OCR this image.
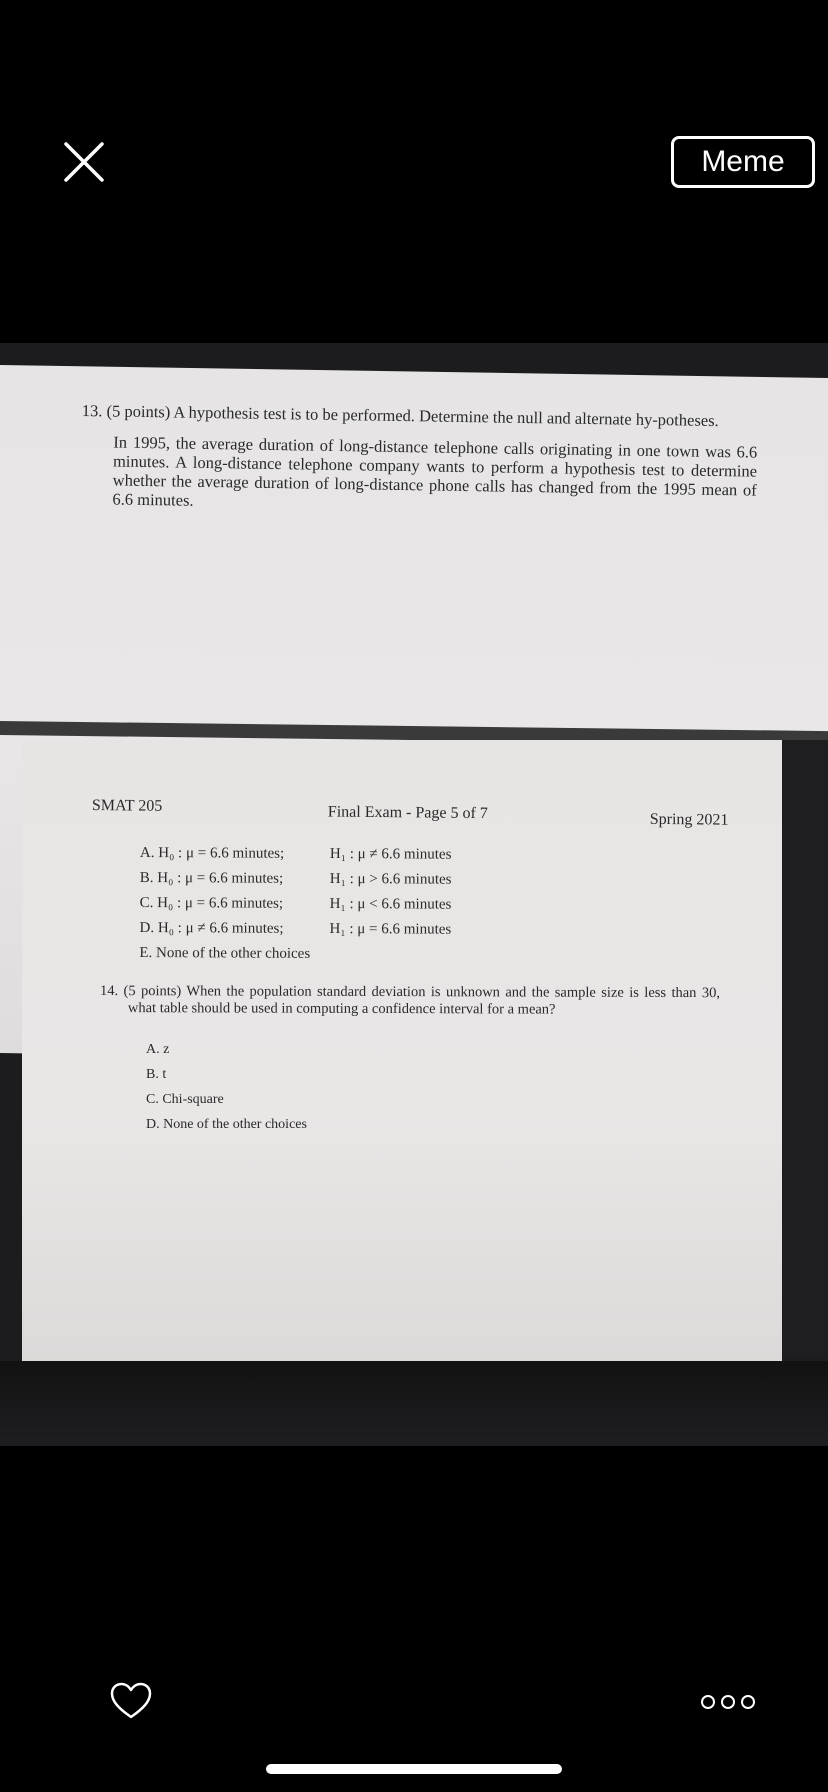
Meme
13. (5 points) A hypothesis test is to be performed. Determine the null and alternate hy-potheses.
In 1995, the average duration of long-distance telephone calls originating in one town was 6.6 minutes. A long-distance telephone company wants to perform a hypothesis test to determine whether the average duration of long-distance phone calls has changed from the 1995 mean of 6.6 minutes.
SMAT 205	Final Exam - Page 5 of 7	Spring 2021
A. H₀ : μ = 6.6 minutes;	H₁ : μ ≠ 6.6 minutes
B. H₀ : μ = 6.6 minutes;	H₁ : μ > 6.6 minutes
C. H₀ : μ = 6.6 minutes;	H₁ : μ < 6.6 minutes
D. H₀ : μ ≠ 6.6 minutes;	H₁ : μ = 6.6 minutes
E. None of the other choices
14. (5 points) When the population standard deviation is unknown and the sample size is less than 30, what table should be used in computing a confidence interval for a mean?
A. z
B. t
C. Chi-square
D. None of the other choices
